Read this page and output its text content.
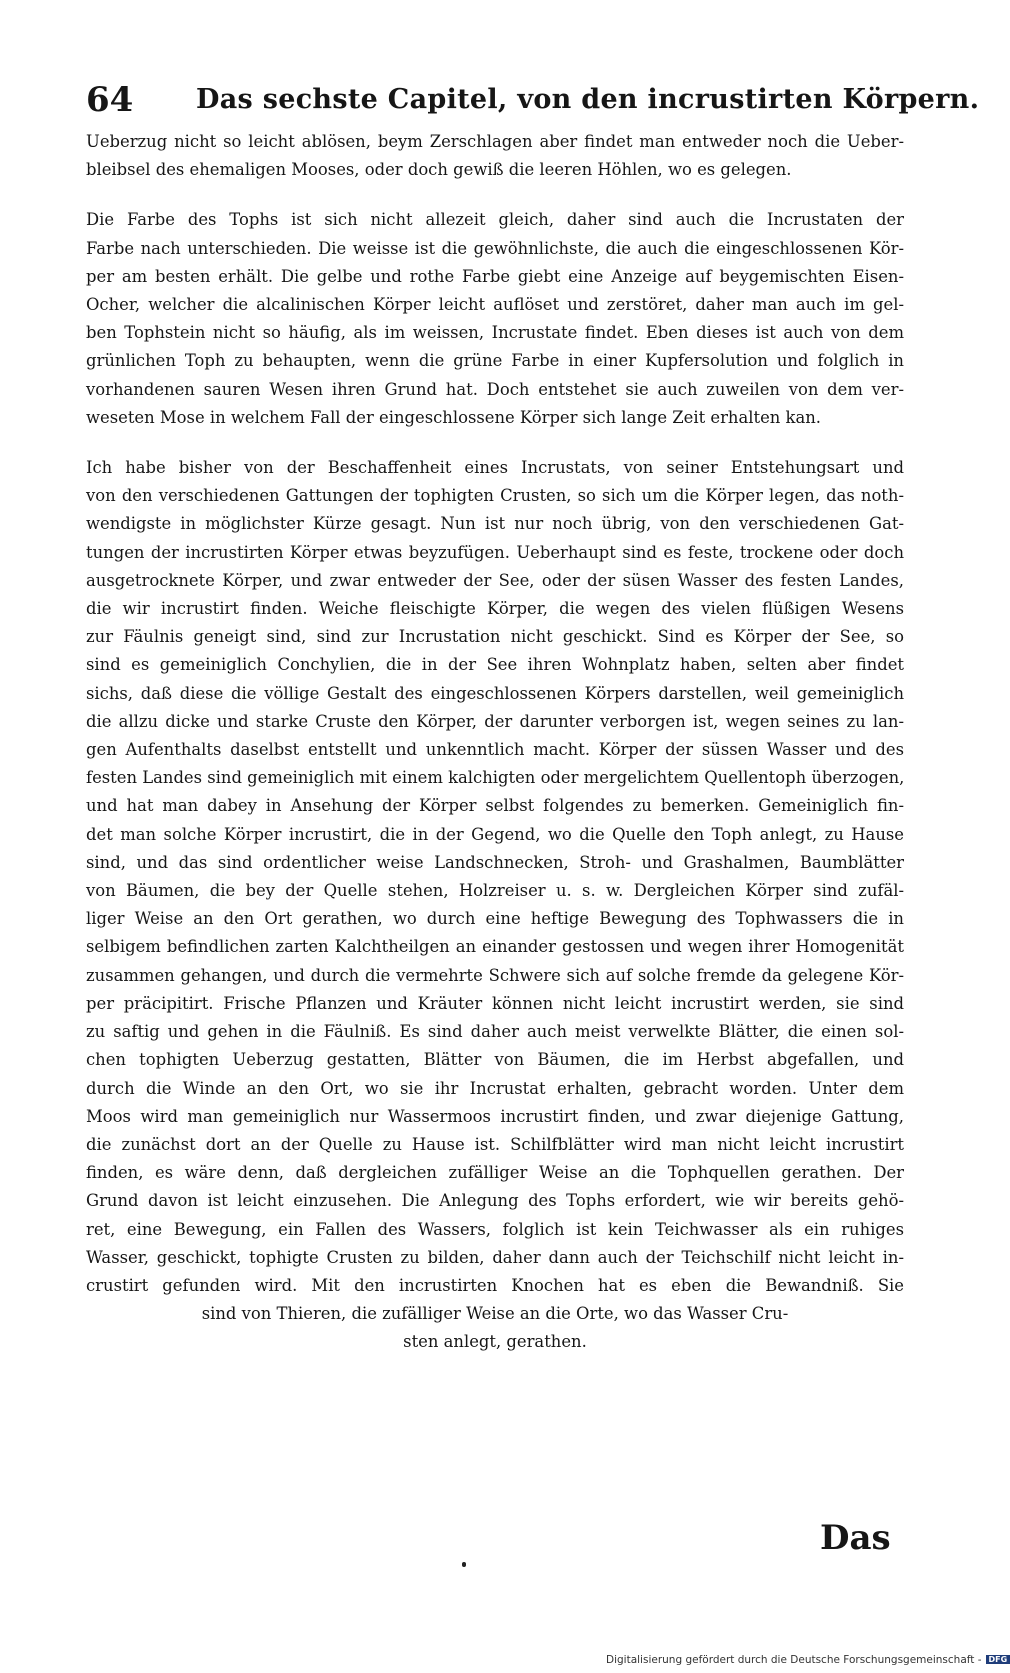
64 Das sechste Capitel, von den incrustirten Körpern.
Ueberzug nicht so leicht ablösen, beym Zerschlagen aber findet man entweder noch die Ueber-
bleibsel des ehemaligen Mooses, oder doch gewiß die leeren Höhlen, wo es gelegen.
Die Farbe des Tophs ist sich nicht allezeit gleich, daher sind auch die Incrustaten der
Farbe nach unterschieden. Die weisse ist die gewöhnlichste, die auch die eingeschlossenen Kör-
per am besten erhält. Die gelbe und rothe Farbe giebt eine Anzeige auf beygemischten Eisen-
Ocher, welcher die alcalinischen Körper leicht auflöset und zerstöret, daher man auch im gel-
ben Tophstein nicht so häufig, als im weissen, Incrustate findet. Eben dieses ist auch von dem
grünlichen Toph zu behaupten, wenn die grüne Farbe in einer Kupfersolution und folglich in
vorhandenen sauren Wesen ihren Grund hat. Doch entstehet sie auch zuweilen von dem ver-
weseten Mose in welchem Fall der eingeschlossene Körper sich lange Zeit erhalten kan.
Ich habe bisher von der Beschaffenheit eines Incrustats, von seiner Entstehungsart und
von den verschiedenen Gattungen der tophigten Crusten, so sich um die Körper legen, das noth-
wendigste in möglichster Kürze gesagt. Nun ist nur noch übrig, von den verschiedenen Gat-
tungen der incrustirten Körper etwas beyzufügen. Ueberhaupt sind es feste, trockene oder doch
ausgetrocknete Körper, und zwar entweder der See, oder der süsen Wasser des festen Landes,
die wir incrustirt finden. Weiche fleischigte Körper, die wegen des vielen flüßigen Wesens
zur Fäulnis geneigt sind, sind zur Incrustation nicht geschickt. Sind es Körper der See, so
sind es gemeiniglich Conchylien, die in der See ihren Wohnplatz haben, selten aber findet
sichs, daß diese die völlige Gestalt des eingeschlossenen Körpers darstellen, weil gemeiniglich
die allzu dicke und starke Cruste den Körper, der darunter verborgen ist, wegen seines zu lan-
gen Aufenthalts daselbst entstellt und unkenntlich macht. Körper der süssen Wasser und des
festen Landes sind gemeiniglich mit einem kalchigten oder mergelichtem Quellentoph überzogen,
und hat man dabey in Ansehung der Körper selbst folgendes zu bemerken. Gemeiniglich fin-
det man solche Körper incrustirt, die in der Gegend, wo die Quelle den Toph anlegt, zu Hause
sind, und das sind ordentlicher weise Landschnecken, Stroh- und Grashalmen, Baumblätter
von Bäumen, die bey der Quelle stehen, Holzreiser u. s. w. Dergleichen Körper sind zufäl-
liger Weise an den Ort gerathen, wo durch eine heftige Bewegung des Tophwassers die in
selbigem befindlichen zarten Kalchtheilgen an einander gestossen und wegen ihrer Homogenität
zusammen gehangen, und durch die vermehrte Schwere sich auf solche fremde da gelegene Kör-
per präcipitirt. Frische Pflanzen und Kräuter können nicht leicht incrustirt werden, sie sind
zu saftig und gehen in die Fäulniß. Es sind daher auch meist verwelkte Blätter, die einen sol-
chen tophigten Ueberzug gestatten, Blätter von Bäumen, die im Herbst abgefallen, und
durch die Winde an den Ort, wo sie ihr Incrustat erhalten, gebracht worden. Unter dem
Moos wird man gemeiniglich nur Wassermoos incrustirt finden, und zwar diejenige Gattung,
die zunächst dort an der Quelle zu Hause ist. Schilfblätter wird man nicht leicht incrustirt
finden, es wäre denn, daß dergleichen zufälliger Weise an die Tophquellen gerathen. Der
Grund davon ist leicht einzusehen. Die Anlegung des Tophs erfordert, wie wir bereits gehö-
ret, eine Bewegung, ein Fallen des Wassers, folglich ist kein Teichwasser als ein ruhiges
Wasser, geschickt, tophigte Crusten zu bilden, daher dann auch der Teichschilf nicht leicht in-
crustirt gefunden wird. Mit den incrustirten Knochen hat es eben die Bewandniß. Sie
sind von Thieren, die zufälliger Weise an die Orte, wo das Wasser Cru-
sten anlegt, gerathen.
Das
Digitalisierung gefördert durch die Deutsche Forschungsgemeinschaft - DFG
